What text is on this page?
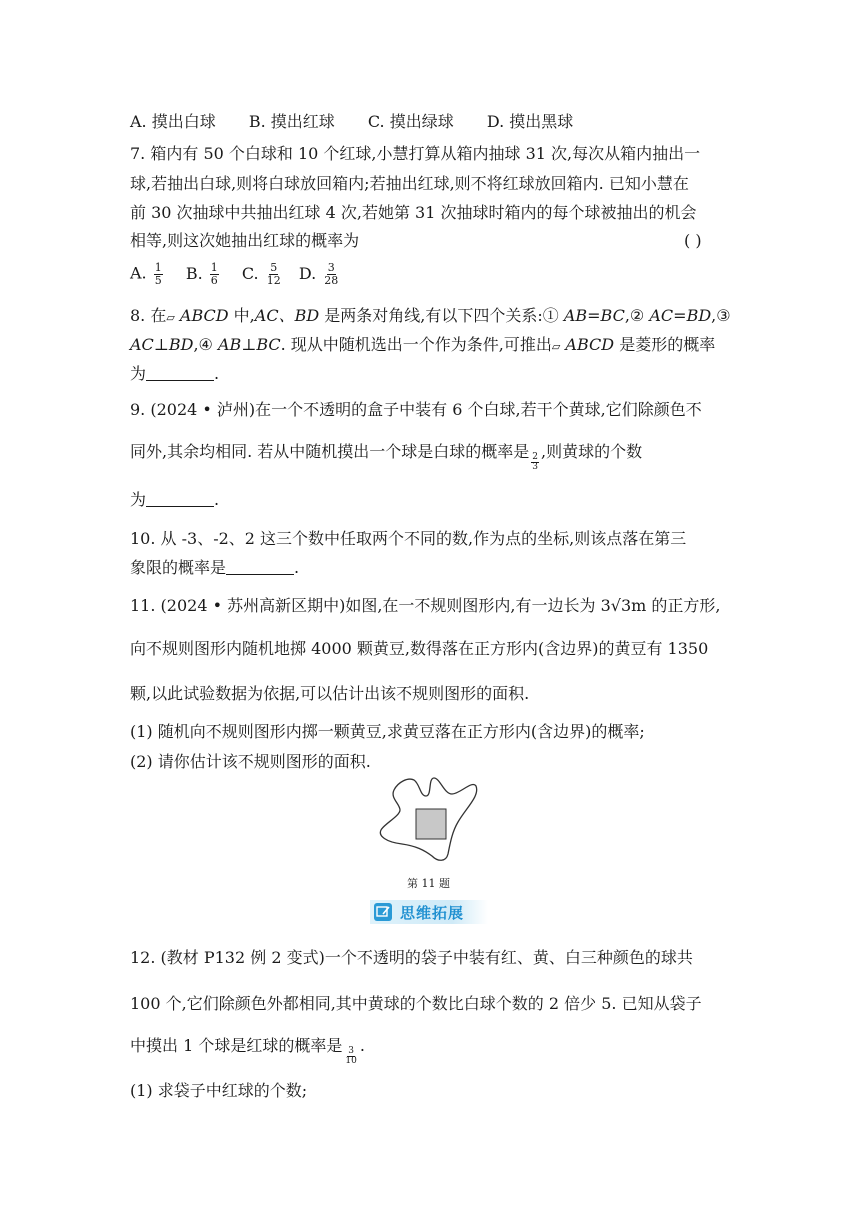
A. 摸出白球 B. 摸出红球 C. 摸出绿球 D. 摸出黑球
7. 箱内有 50 个白球和 10 个红球,小慧打算从箱内抽球 31 次,每次从箱内抽出一
球,若抽出白球,则将白球放回箱内;若抽出红球,则不将红球放回箱内. 已知小慧在
前 30 次抽球中共抽出红球 4 次,若她第 31 次抽球时箱内的每个球被抽出的机会
相等,则这次她抽出红球的概率为	( )
A. $\frac{1}{5} B$. $\frac{1}{6} C$. $\frac{5}{12} D$. $\frac{3}{28}$
8. 在▱ ABCD 中,AC、BD 是两条对角线,有以下四个关系:① AB=BC,② AC=BD,③
AC⊥BD,④ AB⊥BC. 现从中随机选出一个作为条件,可推出▱ ABCD 是菱形的概率
为	.
9. (2024 • 泸州)在一个不透明的盒子中装有 6 个白球,若干个黄球,它们除颜色不
同外,其余均相同. 若从中随机摸出一个球是白球的概率是
$\frac{2}{3}$
,则黄球的个数
为	.
10. 从 -3、-2、2 这三个数中任取两个不同的数,作为点的坐标,则该点落在第三
象限的概率是	.
11. (2024 • 苏州高新区期中)如图,在一不规则图形内,有一边长为 3√3m 的正方形,
向不规则图形内随机地掷 4000 颗黄豆,数得落在正方形内(含边界)的黄豆有 1350
颗,以此试验数据为依据,可以估计出该不规则图形的面积.
(1) 随机向不规则图形内掷一颗黄豆,求黄豆落在正方形内(含边界)的概率;
(2) 请你估计该不规则图形的面积.
第 11 题
思维拓展
12. (教材 P132 例 2 变式)一个不透明的袋子中装有红、黄、白三种颜色的球共
100 个,它们除颜色外都相同,其中黄球的个数比白球个数的 2 倍少 5. 已知从袋子
中摸出 1 个球是红球的概率是
$\frac{3}{10}$
.
(1) 求袋子中红球的个数;
